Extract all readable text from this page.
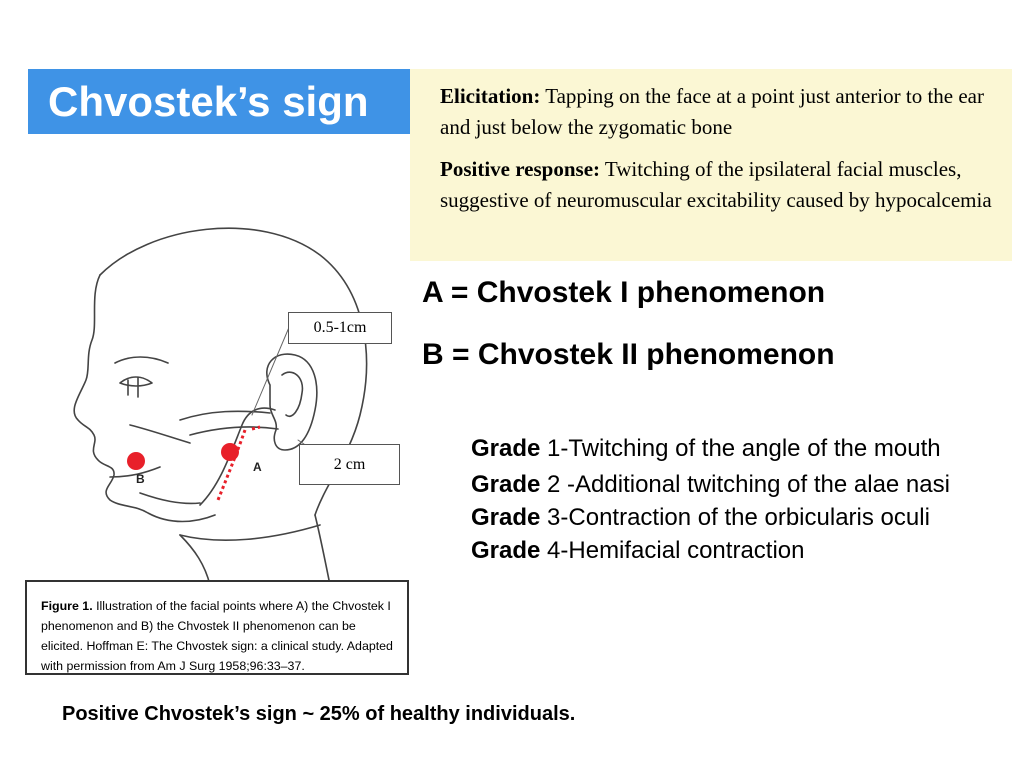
Chvostek’s sign	Elicitation: Tapping on the face at a point just anterior to the ear and just below the zygomatic bone

Positive response: Twitching of the ipsilateral facial muscles, suggestive of neuromuscular excitability caused by hypocalcemia

A = Chvostek I phenomenon
B = Chvostek II phenomenon

Grade 1-Twitching of the angle of the mouth

Grade 2 -Additional twitching of the alae nasi

Grade 3-Contraction of the orbicularis oculi

Grade 4-Hemifacial contraction

A
B
0.5-1cm
2 cm
Figure 1. Illustration of the facial points where A) the Chvostek I phenomenon and B) the Chvostek II phenomenon can be elicited. Hoffman E: The Chvostek sign: a clinical study. Adapted with permission from Am J Surg 1958;96:33–37.
Positive Chvostek’s sign ~ 25% of healthy individuals.
